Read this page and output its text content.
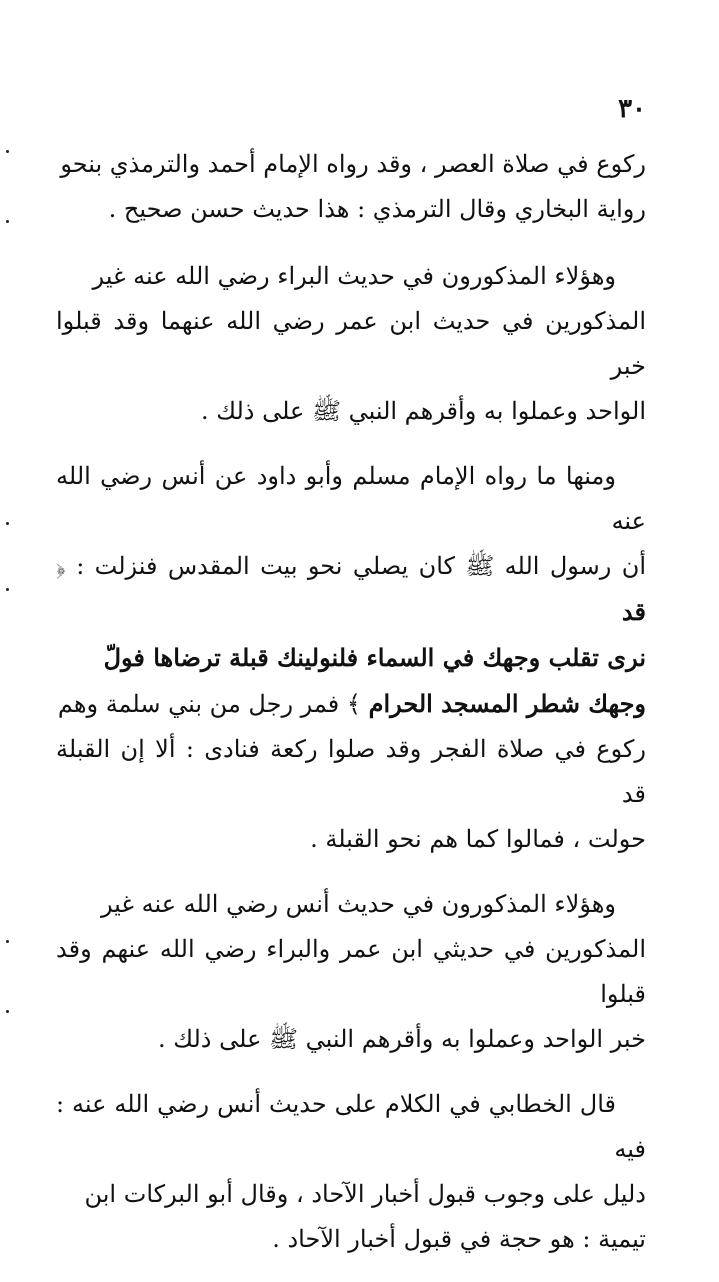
٣٠

ركوع في صلاة العصر ، وقد رواه الإمام أحمد والترمذي بنحو
رواية البخاري وقال الترمذي : هذا حديث حسن صحيح .

وهؤلاء المذكورون في حديث البراء رضي الله عنه غير
المذكورين في حديث ابن عمر رضي الله عنهما وقد قبلوا خبر
الواحد وعملوا به وأقرهم النبي ﷺ على ذلك .

ومنها ما رواه الإمام مسلم وأبو داود عن أنس رضي الله عنه
أن رسول الله ﷺ كان يصلي نحو بيت المقدس فنزلت : ﴿ قد
نرى تقلب وجهك في السماء فلنولينك قبلة ترضاها فولّ
وجهك شطر المسجد الحرام ﴾ فمر رجل من بني سلمة وهم
ركوع في صلاة الفجر وقد صلوا ركعة فنادى : ألا إن القبلة قد
حولت ، فمالوا كما هم نحو القبلة .

وهؤلاء المذكورون في حديث أنس رضي الله عنه غير
المذكورين في حديثي ابن عمر والبراء رضي الله عنهم وقد قبلوا
خبر الواحد وعملوا به وأقرهم النبي ﷺ على ذلك .

قال الخطابي في الكلام على حديث أنس رضي الله عنه : فيه
دليل على وجوب قبول أخبار الآحاد ، وقال أبو البركات ابن
تيمية : هو حجة في قبول أخبار الآحاد .
